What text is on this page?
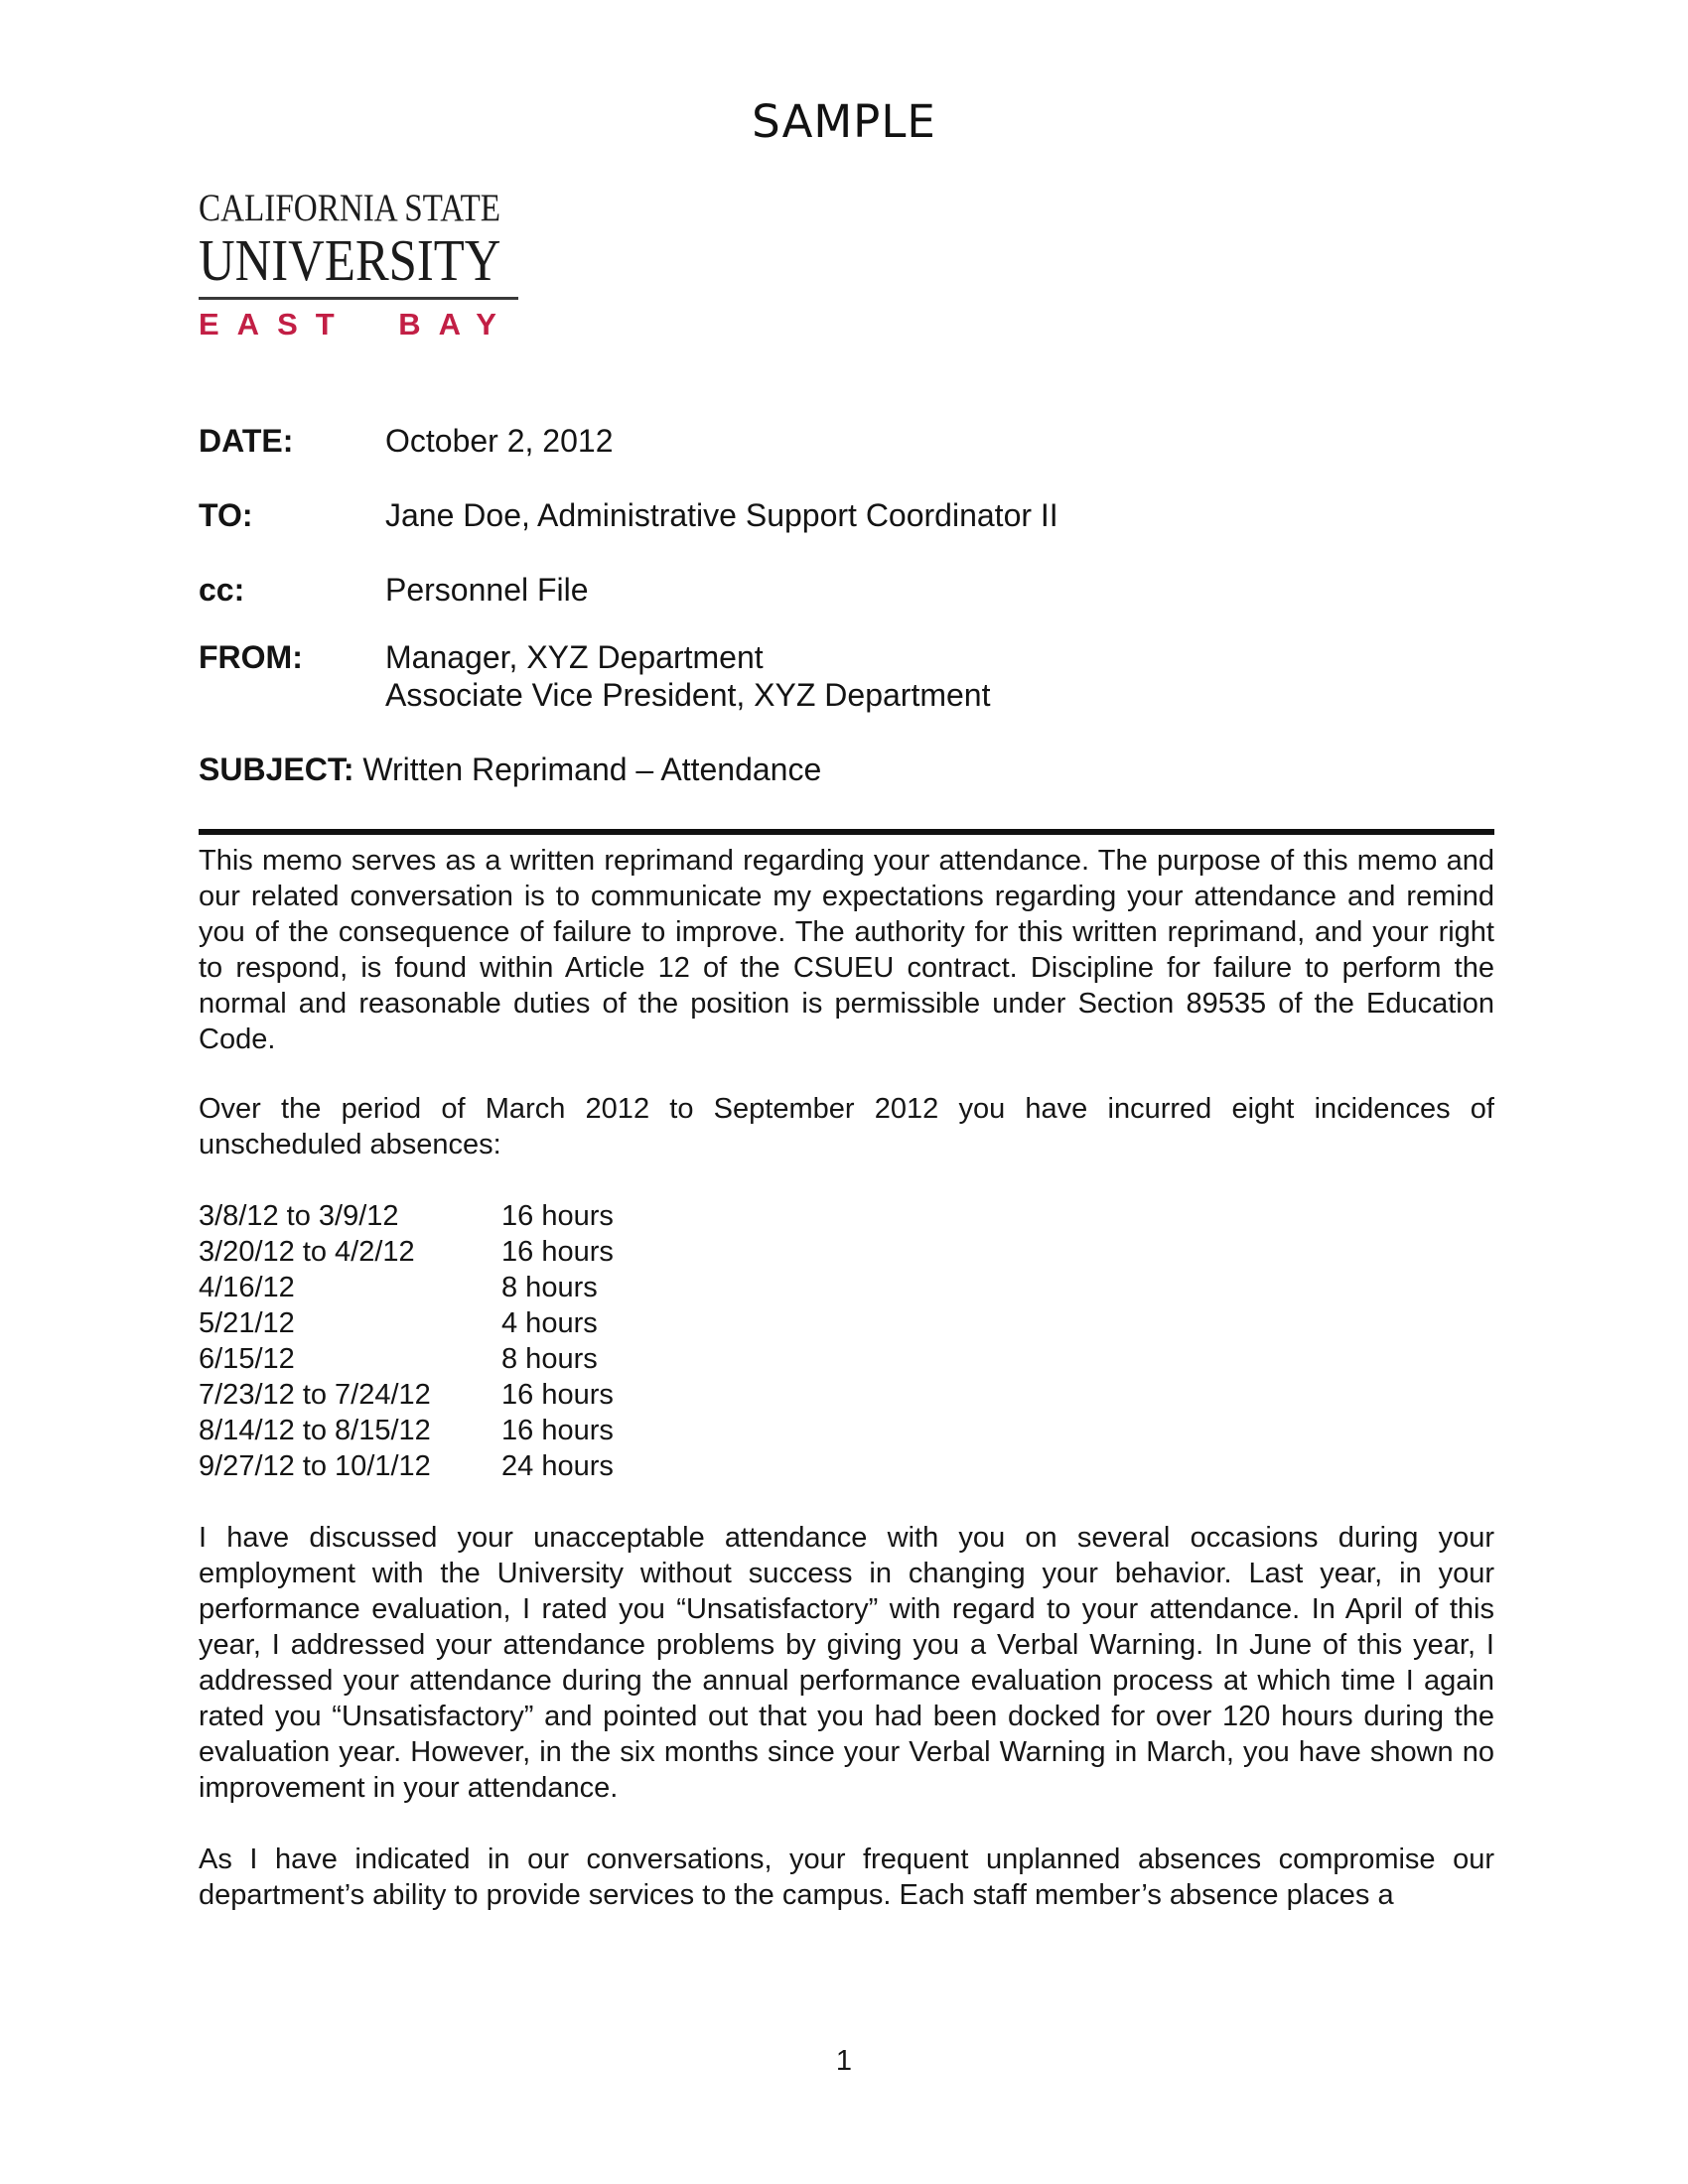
SAMPLE
CALIFORNIA STATE
UNIVERSITY
EAST BAY
DATE:	October 2, 2012
TO:	Jane Doe, Administrative Support Coordinator II
cc:	Personnel File
FROM:	Manager, XYZ Department
Associate Vice President, XYZ Department
SUBJECT: Written Reprimand – Attendance
This memo serves as a written reprimand regarding your attendance. The purpose of this memo and our related conversation is to communicate my expectations regarding your attendance and remind you of the consequence of failure to improve. The authority for this written reprimand, and your right to respond, is found within Article 12 of the CSUEU contract. Discipline for failure to perform the normal and reasonable duties of the position is permissible under Section 89535 of the Education Code.
Over the period of March 2012 to September 2012 you have incurred eight incidences of unscheduled absences:
3/8/12 to 3/9/12	16 hours
3/20/12 to 4/2/12	16 hours
4/16/12	8 hours
5/21/12	4 hours
6/15/12	8 hours
7/23/12 to 7/24/12	16 hours
8/14/12 to 8/15/12	16 hours
9/27/12 to 10/1/12	24 hours
I have discussed your unacceptable attendance with you on several occasions during your employment with the University without success in changing your behavior. Last year, in your performance evaluation, I rated you “Unsatisfactory” with regard to your attendance. In April of this year, I addressed your attendance problems by giving you a Verbal Warning. In June of this year, I addressed your attendance during the annual performance evaluation process at which time I again rated you “Unsatisfactory” and pointed out that you had been docked for over 120 hours during the evaluation year. However, in the six months since your Verbal Warning in March, you have shown no improvement in your attendance.
As I have indicated in our conversations, your frequent unplanned absences compromise our department’s ability to provide services to the campus. Each staff member’s absence places a
1
